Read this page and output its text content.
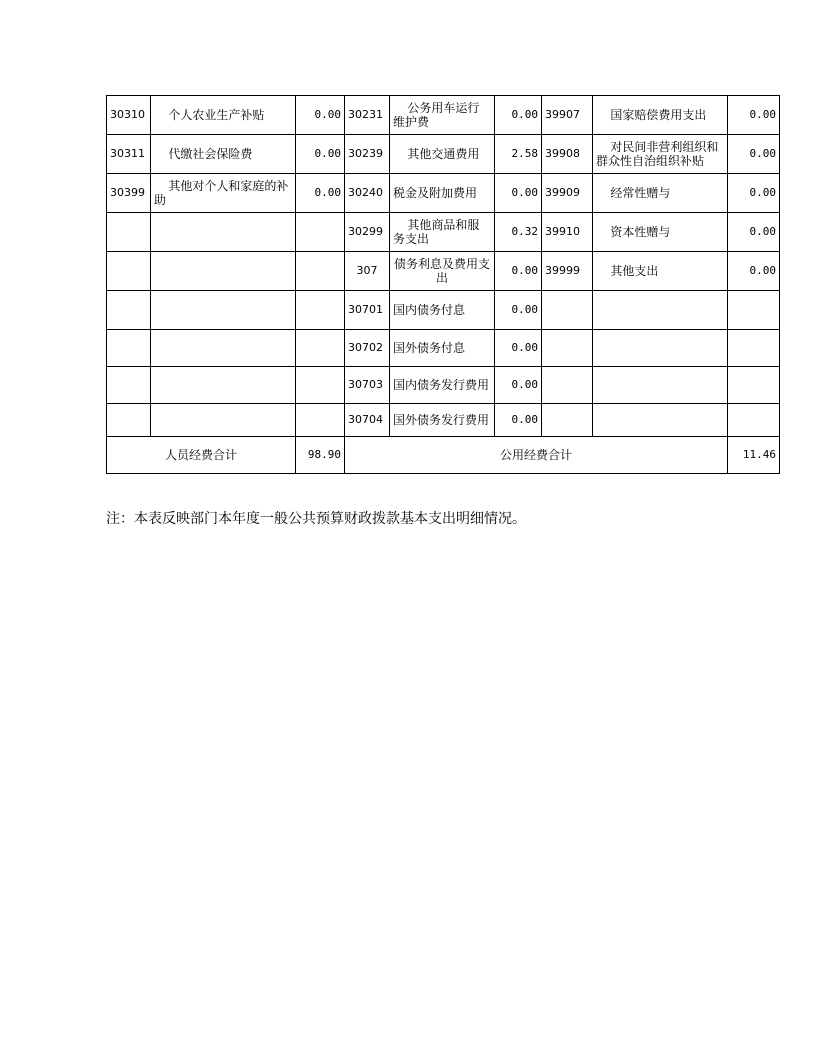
30310	个人农业生产补贴	0.00	30231	公务用车运行维护费	0.00	39907	国家赔偿费用支出	0.00
30311	代缴社会保险费	0.00	30239	其他交通费用	2.58	39908	对民间非营利组织和群众性自治组织补贴	0.00
30399	其他对个人和家庭的补助	0.00	30240	税金及附加费用	0.00	39909	经常性赠与	0.00
			30299	其他商品和服务支出	0.32	39910	资本性赠与	0.00
			307	债务利息及费用支出	0.00	39999	其他支出	0.00
			30701	国内债务付息	0.00			
			30702	国外债务付息	0.00			
			30703	国内债务发行费用	0.00			
			30704	国外债务发行费用	0.00			
人员经费合计		98.90	公用经费合计					11.46
注：本表反映部门本年度一般公共预算财政拨款基本支出明细情况。
